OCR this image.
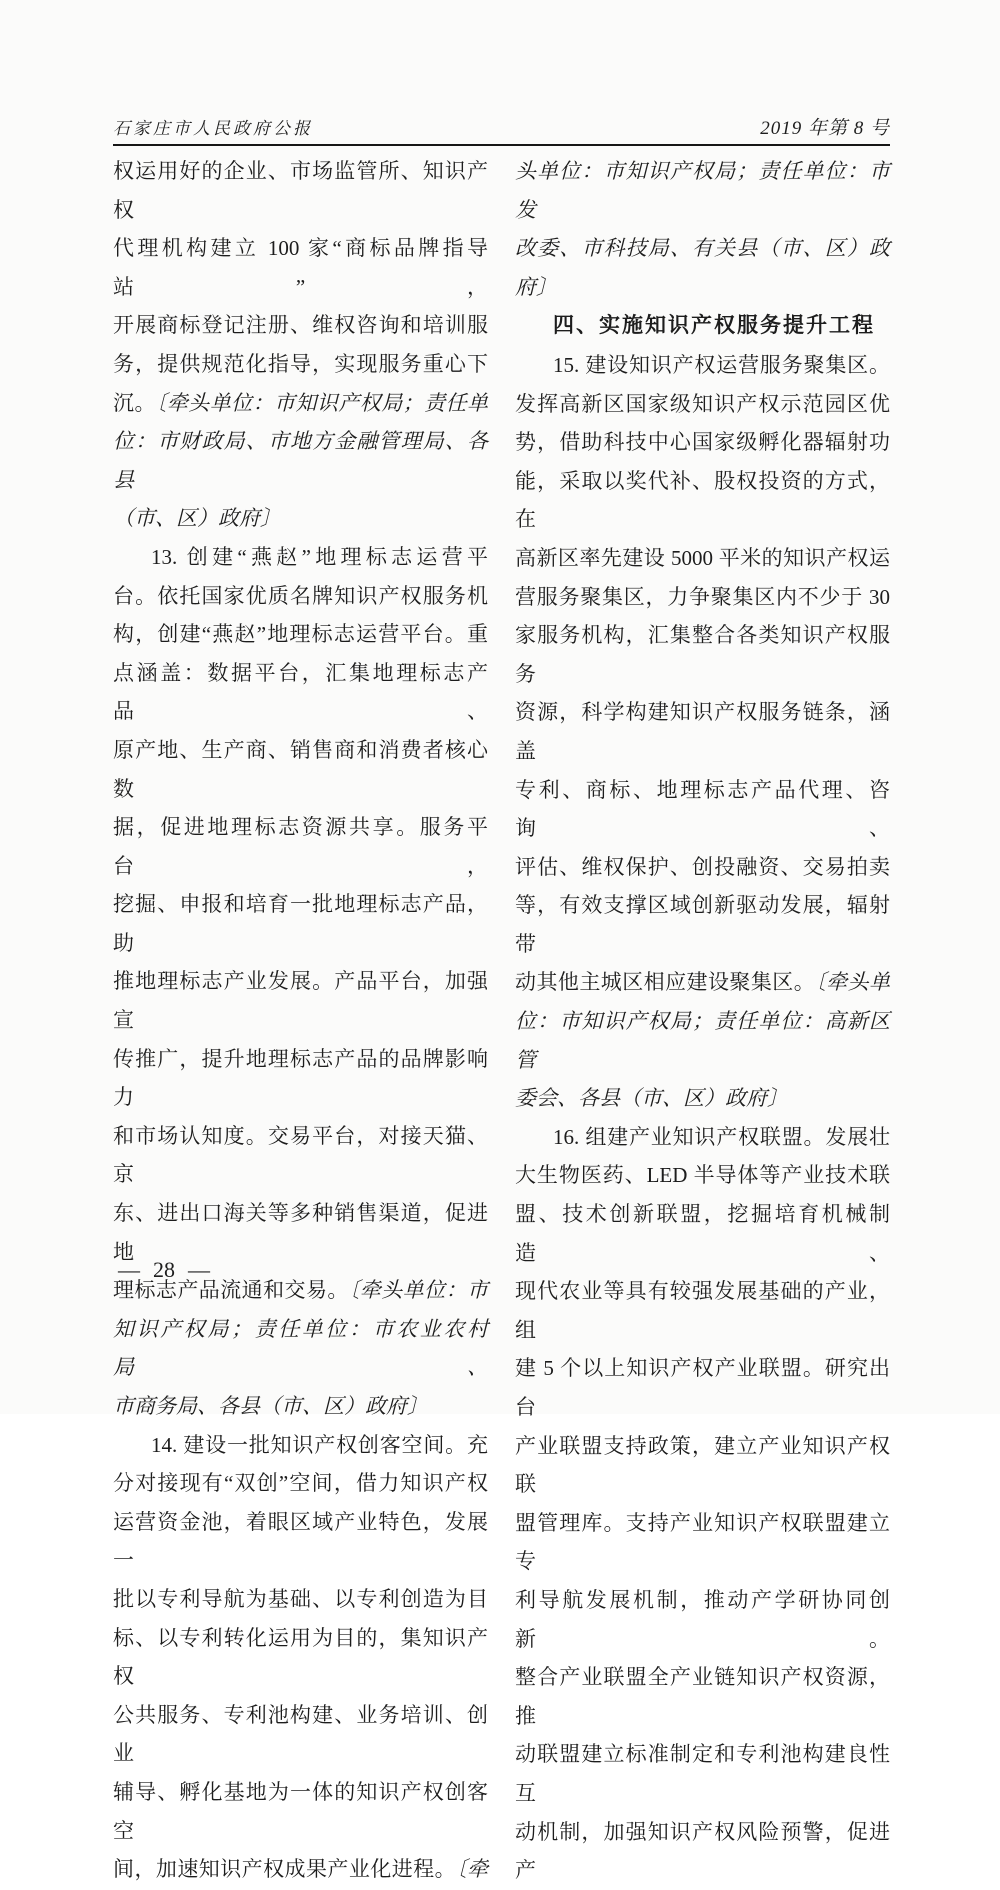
石家庄市人民政府公报	2019 年第 8 号
权运用好的企业、市场监管所、知识产权
代理机构建立 100 家“商标品牌指导站”，
开展商标登记注册、维权咨询和培训服
务，提供规范化指导，实现服务重心下
沉。〔牵头单位：市知识产权局；责任单
位：市财政局、市地方金融管理局、各县
（市、区）政府〕
13. 创建“燕赵”地理标志运营平
台。依托国家优质名牌知识产权服务机
构，创建“燕赵”地理标志运营平台。重
点涵盖：数据平台，汇集地理标志产品、
原产地、生产商、销售商和消费者核心数
据，促进地理标志资源共享。服务平台，
挖掘、申报和培育一批地理标志产品，助
推地理标志产业发展。产品平台，加强宣
传推广，提升地理标志产品的品牌影响力
和市场认知度。交易平台，对接天猫、京
东、进出口海关等多种销售渠道，促进地
理标志产品流通和交易。〔牵头单位：市
知识产权局；责任单位：市农业农村局、
市商务局、各县（市、区）政府〕
14. 建设一批知识产权创客空间。充
分对接现有“双创”空间，借力知识产权
运营资金池，着眼区域产业特色，发展一
批以专利导航为基础、以专利创造为目
标、以专利转化运用为目的，集知识产权
公共服务、专利池构建、业务培训、创业
辅导、孵化基地为一体的知识产权创客空
间，加速知识产权成果产业化进程。〔牵
头单位：市知识产权局；责任单位：市发
改委、市科技局、有关县（市、区）政
府〕
四、实施知识产权服务提升工程
15. 建设知识产权运营服务聚集区。
发挥高新区国家级知识产权示范园区优
势，借助科技中心国家级孵化器辐射功
能，采取以奖代补、股权投资的方式，在
高新区率先建设 5000 平米的知识产权运
营服务聚集区，力争聚集区内不少于 30
家服务机构，汇集整合各类知识产权服务
资源，科学构建知识产权服务链条，涵盖
专利、商标、地理标志产品代理、咨询、
评估、维权保护、创投融资、交易拍卖
等，有效支撑区域创新驱动发展，辐射带
动其他主城区相应建设聚集区。〔牵头单
位：市知识产权局；责任单位：高新区管
委会、各县（市、区）政府〕
16. 组建产业知识产权联盟。发展壮
大生物医药、LED 半导体等产业技术联
盟、技术创新联盟，挖掘培育机械制造、
现代农业等具有较强发展基础的产业，组
建 5 个以上知识产权产业联盟。研究出台
产业联盟支持政策，建立产业知识产权联
盟管理库。支持产业知识产权联盟建立专
利导航发展机制，推动产学研协同创新。
整合产业联盟全产业链知识产权资源，推
动联盟建立标准制定和专利池构建良性互
动机制，加强知识产权风险预警，促进产
— 28 —
